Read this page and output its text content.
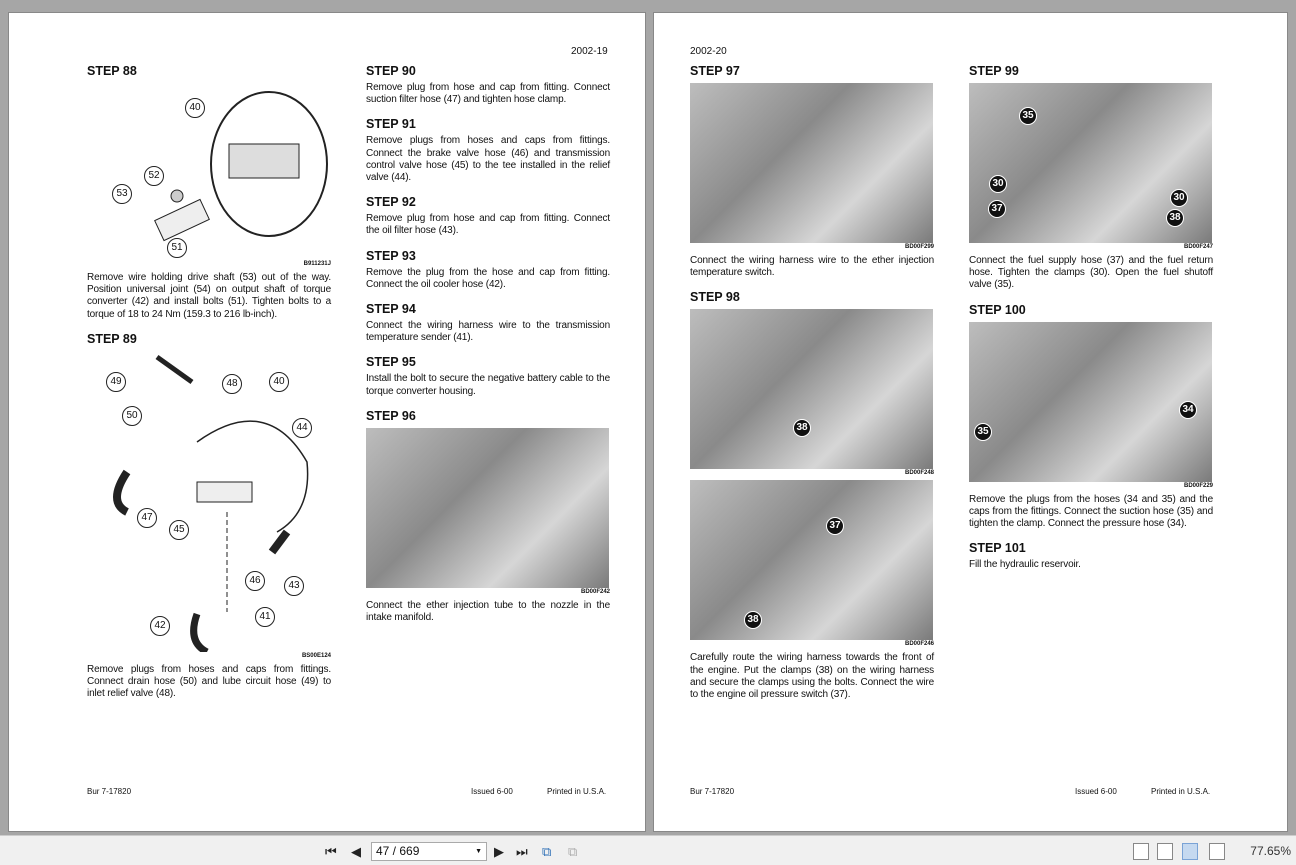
2002-19
STEP 88
40
52
53
51
B911231J
Remove wire holding drive shaft (53) out of the way. Position universal joint (54) on output shaft of torque converter (42) and install bolts (51). Tighten bolts to a torque of 18 to 24 Nm (159.3 to 216 lb-inch).
STEP 89
49	48	40
50
44
47
45
46	43
42
41
BS00E124
Remove plugs from hoses and caps from fittings. Connect drain hose (50) and lube circuit hose (49) to inlet relief valve (48).
STEP 90
Remove plug from hose and cap from fitting. Connect suction filter hose (47) and tighten hose clamp.
STEP 91
Remove plugs from hoses and caps from fittings. Connect the brake valve hose (46) and transmission control valve hose (45) to the tee installed in the relief valve (44).
STEP 92
Remove plug from hose and cap from fitting. Connect the oil filter hose (43).
STEP 93
Remove the plug from the hose and cap from fitting. Connect the oil cooler hose (42).
STEP 94
Connect the wiring harness wire to the transmission temperature sender (41).
STEP 95
Install the bolt to secure the negative battery cable to the torque converter housing.
STEP 96
BD00F242
Connect the ether injection tube to the nozzle in the intake manifold.
Bur 7-17820	Issued 6-00	Printed in U.S.A.
2002-20
STEP 97
BD00F299
Connect the wiring harness wire to the ether injection temperature switch.
STEP 98
38
BD00F248
37
38
BD00F246
Carefully route the wiring harness towards the front of the engine. Put the clamps (38) on the wiring harness and secure the clamps using the bolts. Connect the wire to the engine oil pressure switch (37).
STEP 99
35
30
37
30
38
BD00F247
Connect the fuel supply hose (37) and the fuel return hose. Tighten the clamps (30). Open the fuel shutoff valve (35).
STEP 100
35
34
BD00F229
Remove the plugs from the hoses (34 and 35) and the caps from the fittings. Connect the suction hose (35) and tighten the clamp. Connect the pressure hose (34).
STEP 101
Fill the hydraulic reservoir.
Bur 7-17820	Issued 6-00	Printed in U.S.A.
⏮ ◀	47 / 669	▼ ▶ ⏭ ⧉ ⧉	77.65%
